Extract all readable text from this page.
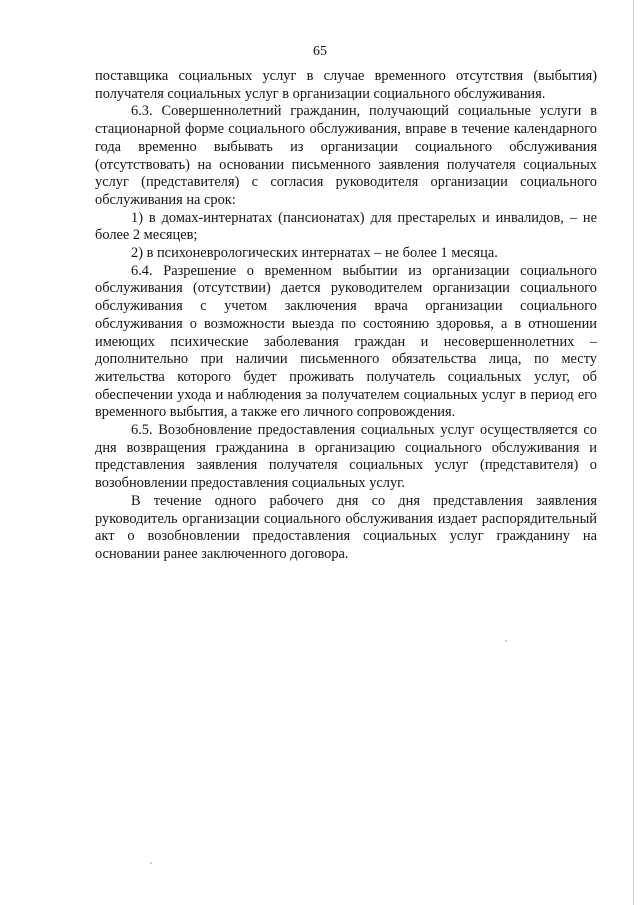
65

поставщика социальных услуг в случае временного отсутствия (выбытия) получателя социальных услуг в организации социального обслуживания.

6.3. Совершеннолетний гражданин, получающий социальные услуги в стационарной форме социального обслуживания, вправе в течение календарного года временно выбывать из организации социального обслуживания (отсутствовать) на основании письменного заявления получателя социальных услуг (представителя) с согласия руководителя организации социального обслуживания на срок:

1) в домах-интернатах (пансионатах) для престарелых и инвалидов, – не более 2 месяцев;

2) в психоневрологических интернатах – не более 1 месяца.

6.4. Разрешение о временном выбытии из организации социального обслуживания (отсутствии) дается руководителем организации социального обслуживания с учетом заключения врача организации социального обслуживания о возможности выезда по состоянию здоровья, а в отношении имеющих психические заболевания граждан и несовершеннолетних – дополнительно при наличии письменного обязательства лица, по месту жительства которого будет проживать получатель социальных услуг, об обеспечении ухода и наблюдения за получателем социальных услуг в период его временного выбытия, а также его личного сопровождения.

6.5. Возобновление предоставления социальных услуг осуществляется со дня возвращения гражданина в организацию социального обслуживания и представления заявления получателя социальных услуг (представителя) о возобновлении предоставления социальных услуг.

В течение одного рабочего дня со дня представления заявления руководитель организации социального обслуживания издает распорядительный акт о возобновлении предоставления социальных услуг гражданину на основании ранее заключенного договора.
